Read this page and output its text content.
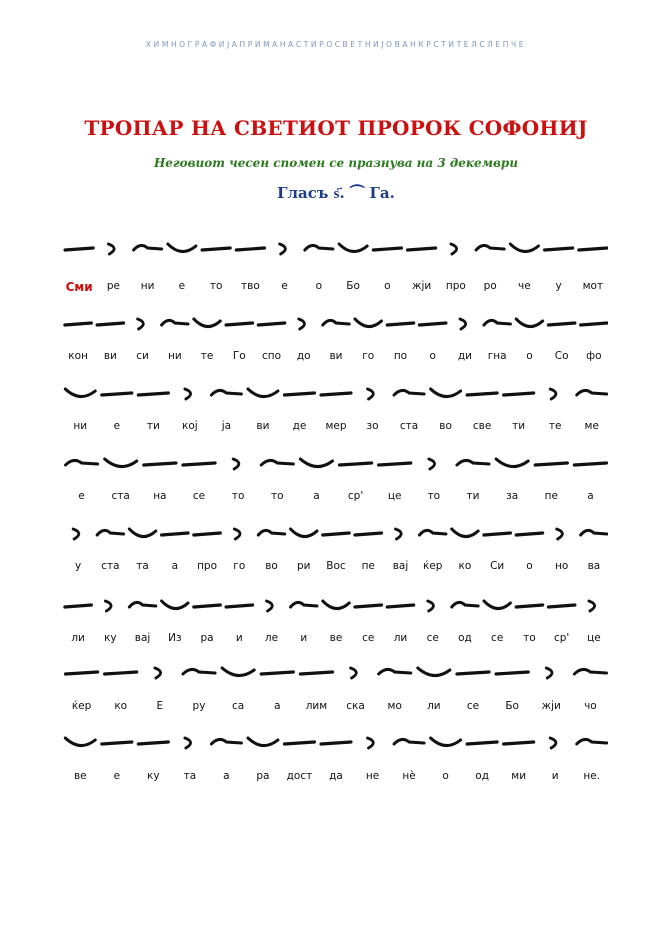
ХИМНОГРАФИЈАПРИМАНАСТИРОСВЕТНИЈОВАНКРСТИТЕЛСЛЕПЧЕ
ТРОПАР НА СВЕТИОТ ПРОРОК СОФОНИЈ
Неговиот чесен спомен се празнува на 3 декември
Гласъ ѕ҃. ⏜ Га.
Сми ре ни е то тво е	о Бо о жји про ро че у мот
кон ви си ни те Го спо до ви го по о ди гна о Со фо
ни	е	ти кој ја ви де мер зо ста во све ти те ме
е	ста на	се	то	то	а	ср' це то	ти	за	пе	а
у ста та а про го во ри Вос пе вај ќер ко Си о но ва
ли ку вај Из ра и ле и ве се ли се од се то ср' це
ќер ко	Е	ру	са	а лим ска мо ли	се Бо жји чо
ве	е	ку та	а	ра дост да не нѐ	о	од ми и не.
